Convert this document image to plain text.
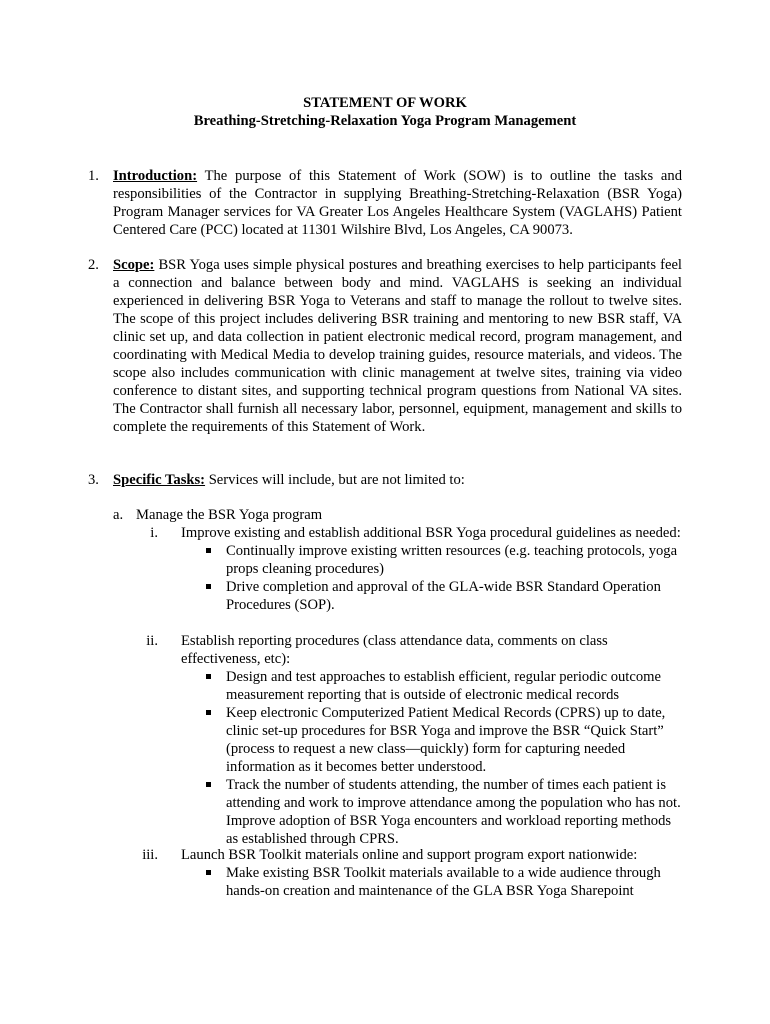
STATEMENT OF WORK
Breathing-Stretching-Relaxation Yoga Program Management
1. Introduction: The purpose of this Statement of Work (SOW) is to outline the tasks and responsibilities of the Contractor in supplying Breathing-Stretching-Relaxation (BSR Yoga) Program Manager services for VA Greater Los Angeles Healthcare System (VAGLAHS) Patient Centered Care (PCC) located at 11301 Wilshire Blvd, Los Angeles, CA 90073.
2. Scope: BSR Yoga uses simple physical postures and breathing exercises to help participants feel a connection and balance between body and mind. VAGLAHS is seeking an individual experienced in delivering BSR Yoga to Veterans and staff to manage the rollout to twelve sites. The scope of this project includes delivering BSR training and mentoring to new BSR staff, VA clinic set up, and data collection in patient electronic medical record, program management, and coordinating with Medical Media to develop training guides, resource materials, and videos. The scope also includes communication with clinic management at twelve sites, training via video conference to distant sites, and supporting technical program questions from National VA sites. The Contractor shall furnish all necessary labor, personnel, equipment, management and skills to complete the requirements of this Statement of Work.
3. Specific Tasks: Services will include, but are not limited to:
a. Manage the BSR Yoga program
i. Improve existing and establish additional BSR Yoga procedural guidelines as needed:
Continually improve existing written resources (e.g. teaching protocols, yoga props cleaning procedures)
Drive completion and approval of the GLA-wide BSR Standard Operation Procedures (SOP).
ii. Establish reporting procedures (class attendance data, comments on class effectiveness, etc):
Design and test approaches to establish efficient, regular periodic outcome measurement reporting that is outside of electronic medical records
Keep electronic Computerized Patient Medical Records (CPRS) up to date, clinic set-up procedures for BSR Yoga and improve the BSR “Quick Start” (process to request a new class—quickly) form for capturing needed information as it becomes better understood.
Track the number of students attending, the number of times each patient is attending and work to improve attendance among the population who has not. Improve adoption of BSR Yoga encounters and workload reporting methods as established through CPRS.
iii. Launch BSR Toolkit materials online and support program export nationwide:
Make existing BSR Toolkit materials available to a wide audience through hands-on creation and maintenance of the GLA BSR Yoga Sharepoint
